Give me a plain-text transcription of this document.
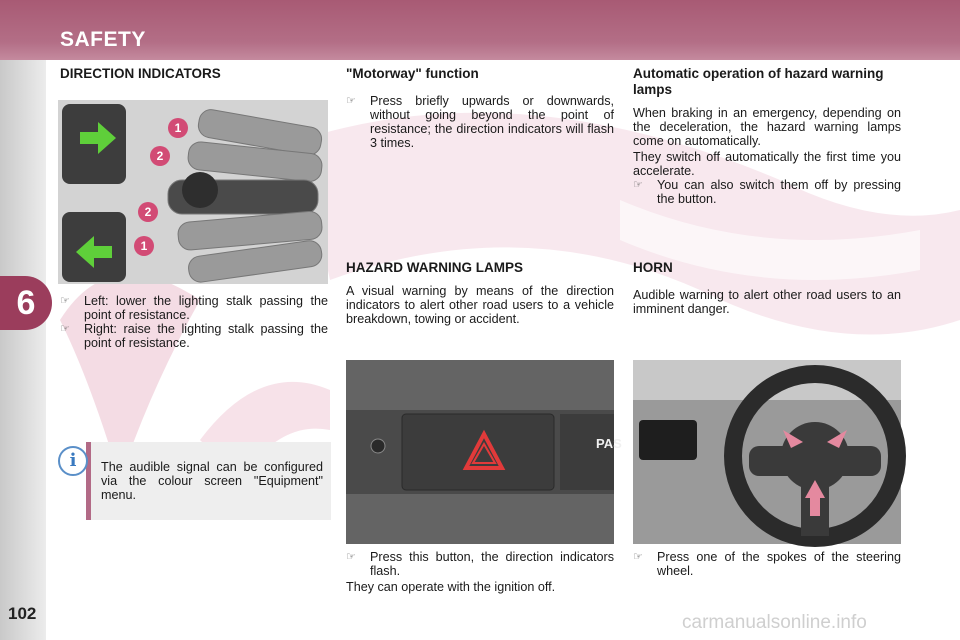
SAFETY
6
102
DIRECTION INDICATORS
1
2
2
1
☞ Left: lower the lighting stalk passing the point of resistance.
☞ Right: raise the lighting stalk passing the point of resistance.
The audible signal can be configured via the colour screen "Equipment" menu.
i
"Motorway" function
☞ Press briefly upwards or downwards, without going beyond the point of resistance; the direction indicators will flash 3 times.
Automatic operation of hazard warning lamps
When braking in an emergency, depending on the deceleration, the hazard warning lamps come on automatically.
They switch off automatically the first time you accelerate.
☞ You can also switch them off by pressing the button.
HAZARD WARNING LAMPS
A visual warning by means of the direction indicators to alert other road users to a vehicle breakdown, towing or accident.
PAS
☞ Press this button, the direction indicators flash.
They can operate with the ignition off.
HORN
Audible warning to alert other road users to an imminent danger.
☞ Press one of the spokes of the steering wheel.
carmanualsonline.info
